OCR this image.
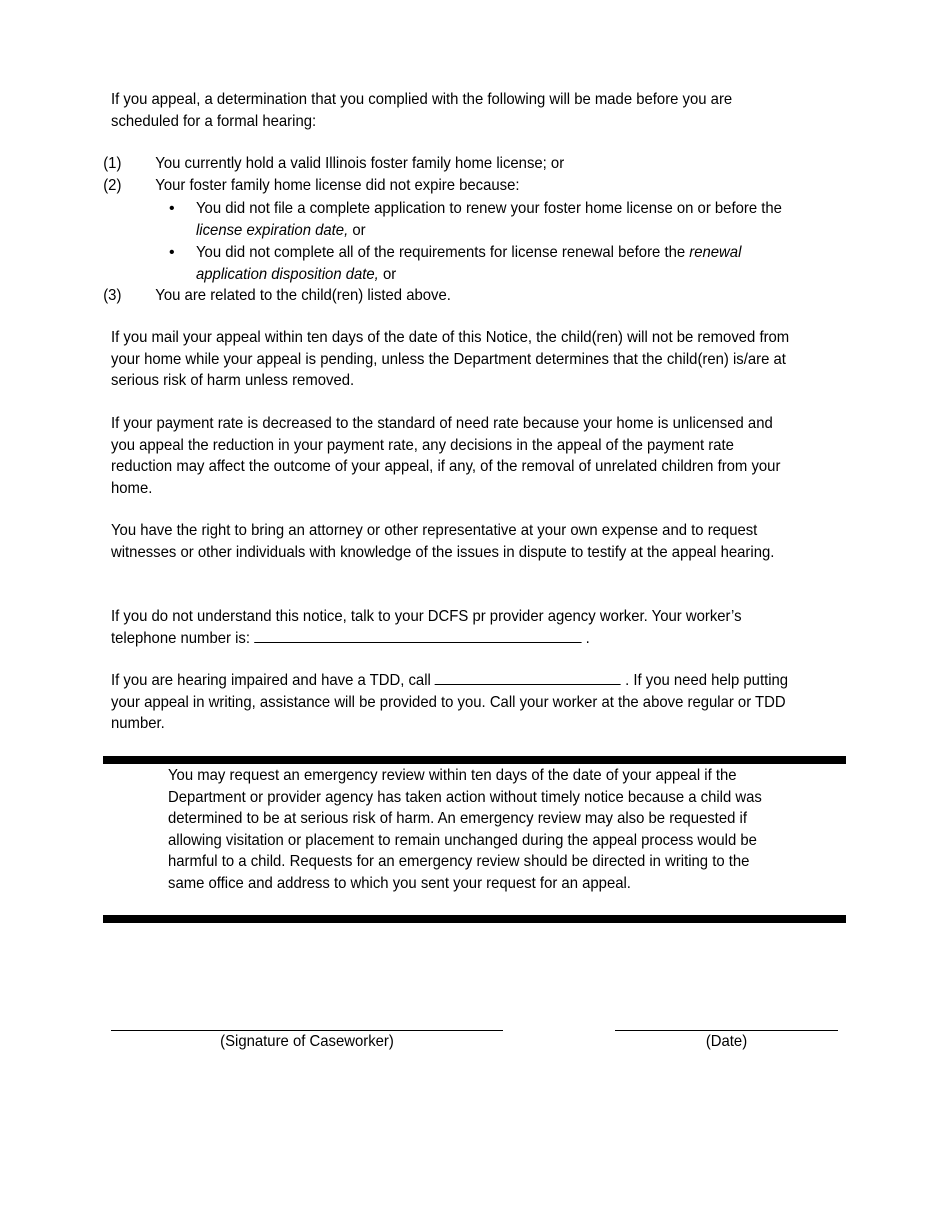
If you appeal, a determination that you complied with the following will be made before you are scheduled for a formal hearing:

(1) You currently hold a valid Illinois foster family home license; or
(2) Your foster family home license did not expire because:
• You did not file a complete application to renew your foster home license on or before the license expiration date, or
• You did not complete all of the requirements for license renewal before the renewal application disposition date, or
(3) You are related to the child(ren) listed above.

If you mail your appeal within ten days of the date of this Notice, the child(ren) will not be removed from your home while your appeal is pending, unless the Department determines that the child(ren) is/are at serious risk of harm unless removed.

If your payment rate is decreased to the standard of need rate because your home is unlicensed and you appeal the reduction in your payment rate, any decisions in the appeal of the payment rate reduction may affect the outcome of your appeal, if any, of the removal of unrelated children from your home.

You have the right to bring an attorney or other representative at your own expense and to request witnesses or other individuals with knowledge of the issues in dispute to testify at the appeal hearing.

If you do not understand this notice, talk to your DCFS pr provider agency worker. Your worker’s telephone number is:	.

If you are hearing impaired and have a TDD, call	. If you need help putting your appeal in writing, assistance will be provided to you. Call your worker at the above regular or TDD number.

You may request an emergency review within ten days of the date of your appeal if the Department or provider agency has taken action without timely notice because a child was determined to be at serious risk of harm. An emergency review may also be requested if allowing visitation or placement to remain unchanged during the appeal process would be harmful to a child. Requests for an emergency review should be directed in writing to the same office and address to which you sent your request for an appeal.
(Signature of Caseworker)	(Date)
